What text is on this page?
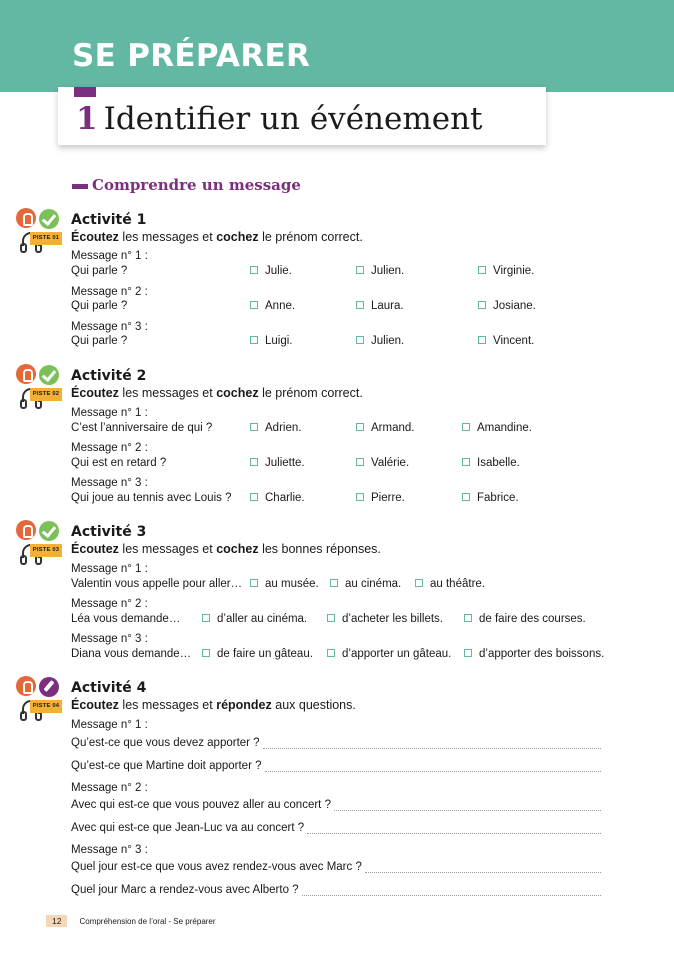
SE PRÉPARER
1 Identifier un événement
Comprendre un message
PISTE 01
Activité 1
Écoutez les messages et cochez le prénom correct.
Message n° 1 :
Qui parle ?	Julie.	Julien.	Virginie.
Message n° 2 :
Qui parle ?	Anne.	Laura.	Josiane.
Message n° 3 :
Qui parle ?	Luigi.	Julien.	Vincent.
PISTE 02
Activité 2
Écoutez les messages et cochez le prénom correct.
Message n° 1 :
C’est l’anniversaire de qui ?	Adrien.	Armand.	Amandine.
Message n° 2 :
Qui est en retard ?	Juliette.	Valérie.	Isabelle.
Message n° 3 :
Qui joue au tennis avec Louis ?	Charlie.	Pierre.	Fabrice.
PISTE 03
Activité 3
Écoutez les messages et cochez les bonnes réponses.
Message n° 1 :
Valentin vous appelle pour aller…	au musée.	au cinéma.	au théâtre.
Message n° 2 :
Léa vous demande…	d’aller au cinéma.	d’acheter les billets.	de faire des courses.
Message n° 3 :
Diana vous demande…	de faire un gâteau.	d’apporter un gâteau.	d’apporter des boissons.
PISTE 04
Activité 4
Écoutez les messages et répondez aux questions.
Message n° 1 :
Qu’est-ce que vous devez apporter ?
Qu’est-ce que Martine doit apporter ?
Message n° 2 :
Avec qui est-ce que vous pouvez aller au concert ?
Avec qui est-ce que Jean-Luc va au concert ?
Message n° 3 :
Quel jour est-ce que vous avez rendez-vous avec Marc ?
Quel jour Marc a rendez-vous avec Alberto ?
12	Compréhension de l’oral - Se préparer
